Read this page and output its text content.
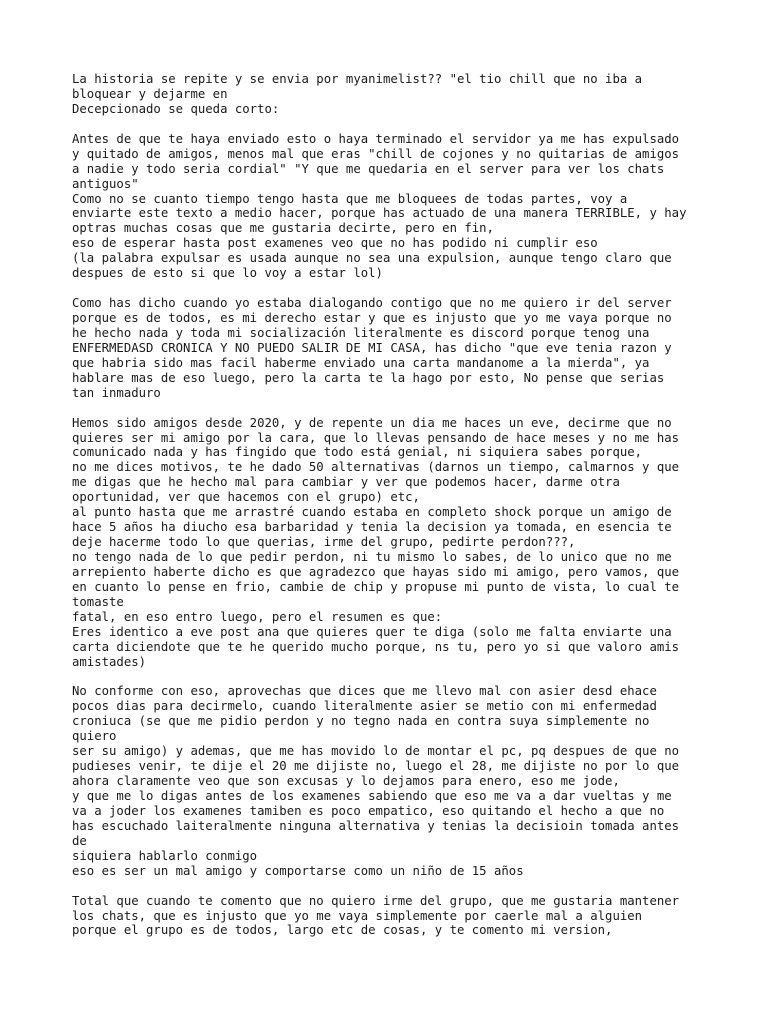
La historia se repite y se envia por myanimelist?? "el tio chill que no iba a
bloquear y dejarme en
Decepcionado se queda corto:
Antes de que te haya enviado esto o haya terminado el servidor ya me has expulsado
y quitado de amigos, menos mal que eras "chill de cojones y no quitarias de amigos
a nadie y todo seria cordial" "Y que me quedaria en el server para ver los chats
antiguos"
Como no se cuanto tiempo tengo hasta que me bloquees de todas partes, voy a
enviarte este texto a medio hacer, porque has actuado de una manera TERRIBLE, y hay
optras muchas cosas que me gustaria decirte, pero en fin,
eso de esperar hasta post examenes veo que no has podido ni cumplir eso
(la palabra expulsar es usada aunque no sea una expulsion, aunque tengo claro que
despues de esto si que lo voy a estar lol)
Como has dicho cuando yo estaba dialogando contigo que no me quiero ir del server
porque es de todos, es mi derecho estar y que es injusto que yo me vaya porque no
he hecho nada y toda mi socialización literalmente es discord porque tenog una
ENFERMEDASD CRONICA Y NO PUEDO SALIR DE MI CASA, has dicho "que eve tenia razon y
que habria sido mas facil haberme enviado una carta mandanome a la mierda", ya
hablare mas de eso luego, pero la carta te la hago por esto, No pense que serias
tan inmaduro
Hemos sido amigos desde 2020, y de repente un dia me haces un eve, decirme que no
quieres ser mi amigo por la cara, que lo llevas pensando de hace meses y no me has
comunicado nada y has fingido que todo está genial, ni siquiera sabes porque,
no me dices motivos, te he dado 50 alternativas (darnos un tiempo, calmarnos y que
me digas que he hecho mal para cambiar y ver que podemos hacer, darme otra
oportunidad, ver que hacemos con el grupo) etc,
al punto hasta que me arrastré cuando estaba en completo shock porque un amigo de
hace 5 años ha diucho esa barbaridad y tenia la decision ya tomada, en esencia te
deje hacerme todo lo que querias, irme del grupo, pedirte perdon???,
no tengo nada de lo que pedir perdon, ni tu mismo lo sabes, de lo unico que no me
arrepiento haberte dicho es que agradezco que hayas sido mi amigo, pero vamos, que
en cuanto lo pense en frio, cambie de chip y propuse mi punto de vista, lo cual te
tomaste
fatal, en eso entro luego, pero el resumen es que:
Eres identico a eve post ana que quieres quer te diga (solo me falta enviarte una
carta diciendote que te he querido mucho porque, ns tu, pero yo si que valoro amis
amistades)
No conforme con eso, aprovechas que dices que me llevo mal con asier desd ehace
pocos dias para decirmelo, cuando literalmente asier se metio con mi enfermedad
croniuca (se que me pidio perdon y no tegno nada en contra suya simplemente no
quiero
ser su amigo) y ademas, que me has movido lo de montar el pc, pq despues de que no
pudieses venir, te dije el 20 me dijiste no, luego el 28, me dijiste no por lo que
ahora claramente veo que son excusas y lo dejamos para enero, eso me jode,
y que me lo digas antes de los examenes sabiendo que eso me va a dar vueltas y me
va a joder los examenes tamiben es poco empatico, eso quitando el hecho a que no
has escuchado laiteralmente ninguna alternativa y tenias la decisioin tomada antes
de
siquiera hablarlo conmigo
eso es ser un mal amigo y comportarse como un niño de 15 años
Total que cuando te comento que no quiero irme del grupo, que me gustaria mantener
los chats, que es injusto que yo me vaya simplemente por caerle mal a alguien
porque el grupo es de todos, largo etc de cosas, y te comento mi version,
